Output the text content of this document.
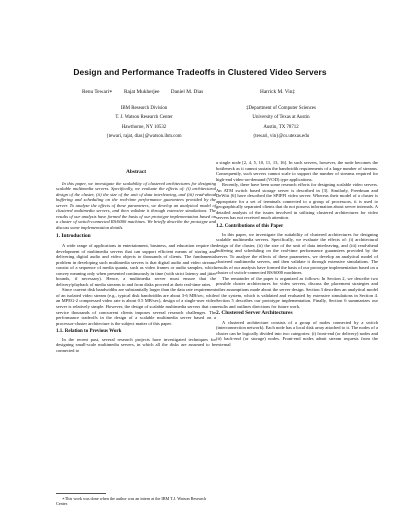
Design and Performance Tradeoffs in Clustered Video Servers
Renu Tewari∗ Rajat Mukherjee Daniel M. Dias	Harrick M. Vin‡
IBM Research Division
T. J. Watson Research Center
Hawthorne, NY 10532
{tewari, rajat, dias}@watson.ibm.com
‡Department of Computer Sciences
University of Texas at Austin
Austin, TX 78712
{tewari, vin}@cs.utexas.edu
Abstract

In this paper, we investigate the scalability of clustered architectures for designing scalable multimedia servers. Specifically, we evaluate the effects of: (i) architectural design of the cluster, (ii) the size of the unit of data interleaving, and (iii) read-ahead buffering and scheduling on the real-time performance guarantees provided by the server. To analyze the effects of these parameters, we develop an analytical model of clustered multimedia servers, and then validate it through extensive simulations. The results of our analysis have formed the basis of our prototype implementation based on a cluster of switch-connected RS/6000 machines. We briefly describe the prototype and discuss some implementation details.

1. Introduction

A wide range of applications in entertainment, business, and education require the development of multimedia servers that can support efficient means of storing and delivering digital audio and video objects to thousands of clients. The fundamental problem in developing such multimedia servers is that digital audio and video streams consist of a sequence of media quanta, such as video frames or audio samples, which convey meaning only when presented continuously in time (with strict latency and jitter bounds, if necessary). Hence, a multimedia server must ensure that the delivery/playback of media streams to and from disks proceed at their real-time rates.

Since current disk bandwidths are substantially larger than the data rate requirement of an isolated video stream (e.g., typical disk bandwidths are about 3-6 MB/sec, while an MPEG-2 compressed video rate is about 0.5 MB/sec), design of a single-user video server is relatively simple. However, the design of scalable multimedia servers that can service thousands of concurrent clients imposes several research challenges. The performance tradeoffs in the design of a scalable multimedia server based on a processor-cluster architecture is the subject matter of this paper.

1.1. Relation to Previous Work

In the recent past, several research projects have investigated techniques for designing small-scale multimedia servers, in which all the disks are assumed to be connected to

a single node [2, 4, 5, 10, 11, 13, 16]. In such servers, however, the node becomes the bottleneck as it cannot sustain the bandwidth requirements of a large number of streams. Consequently, such servers cannot scale to support the number of streams required for high-end video-on-demand (VOD) type applications.

Recently, there have been some research efforts for designing scalable video servers. An ATM switch based storage server is described in [3]. Similarly, Freedman and DeWitt [6] have described the SPIFFI video server. Whereas their model of a cluster is appropriate for a set of terminals connected to a group of processors, it is used to geographically separated clients that do not possess information about server internals. A detailed analysis of the issues involved in utilizing clustered architectures for video servers has not received much attention.

1.2. Contributions of this Paper

In this paper, we investigate the suitability of clustered architectures for designing scalable multimedia servers. Specifically, we evaluate the effects of: (i) architectural design of the cluster, (ii) the size of the unit of data interleaving, and (iii) read-ahead buffering and scheduling on the real-time performance guarantees provided by the server. To analyze the effects of these parameters, we develop an analytical model of clustered multimedia servers, and then validate it through extensive simulations. The results of our analysis have formed the basis of our prototype implementation based on a cluster of switch-connected RS/6000 machines.

The remainder of the paper is organized as follows: In Section 2, we describe two possible cluster architectures for video servers, discuss the placement strategies and other assumptions made about the server design. Section 3 describes an analytical model of the system, which is validated and evaluated by extensive simulations in Section 4. Section 5 describes our prototype implementation. Finally, Section 6 summarizes our results and outlines directions for future work.

2. Clustered Server Architectures

A clustered architecture consists of a group of nodes connected by a switch (interconnection network). Each node has a local disk array attached to it. The nodes of a cluster can be logically divided into two categories: (i) front-end (or delivery) nodes and (ii) back-end (or storage) nodes. Front-end nodes admit stream requests from the external

∗This work was done when the author was an intern at the IBM T.J. Watson Research Center.
